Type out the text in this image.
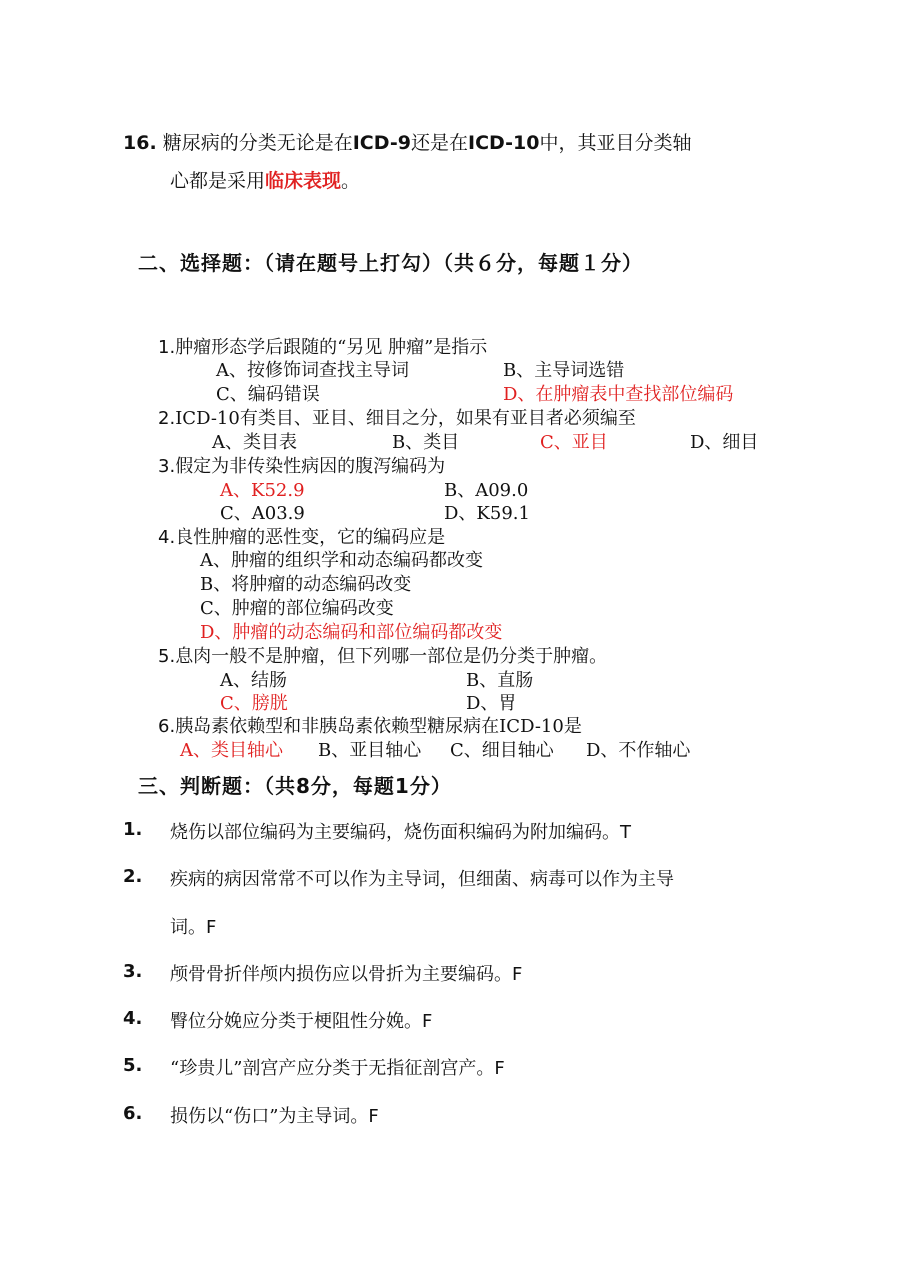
16. 糖尿病的分类无论是在ICD-9还是在ICD-10中，其亚目分类轴
心都是采用临床表现。
二、选择题：（请在题号上打勾）（共６分，每题１分）
1.肿瘤形态学后跟随的“另见 肿瘤”是指示
A、按修饰词查找主导词	B、主导词选错
C、编码错误	D、在肿瘤表中查找部位编码
2.ICD-10有类目、亚目、细目之分，如果有亚目者必须编至
A、类目表	B、类目	C、亚目	D、细目
3.假定为非传染性病因的腹泻编码为
A、K52.9	B、A09.0
C、A03.9	D、K59.1
4.良性肿瘤的恶性变，它的编码应是
A、肿瘤的组织学和动态编码都改变
B、将肿瘤的动态编码改变
C、肿瘤的部位编码改变
D、肿瘤的动态编码和部位编码都改变
5.息肉一般不是肿瘤，但下列哪一部位是仍分类于肿瘤。
A、结肠	B、直肠
C、膀胱	D、胃
6.胰岛素依赖型和非胰岛素依赖型糖尿病在ICD-10是
A、类目轴心 B、亚目轴心 C、细目轴心 D、不作轴心
三、判断题：（共8分，每题1分）
1. 烧伤以部位编码为主要编码，烧伤面积编码为附加编码。T
2. 疾病的病因常常不可以作为主导词，但细菌、病毒可以作为主导
词。F
3. 颅骨骨折伴颅内损伤应以骨折为主要编码。F
4. 臀位分娩应分类于梗阻性分娩。F
5. “珍贵儿”剖宫产应分类于无指征剖宫产。F
6. 损伤以“伤口”为主导词。F
